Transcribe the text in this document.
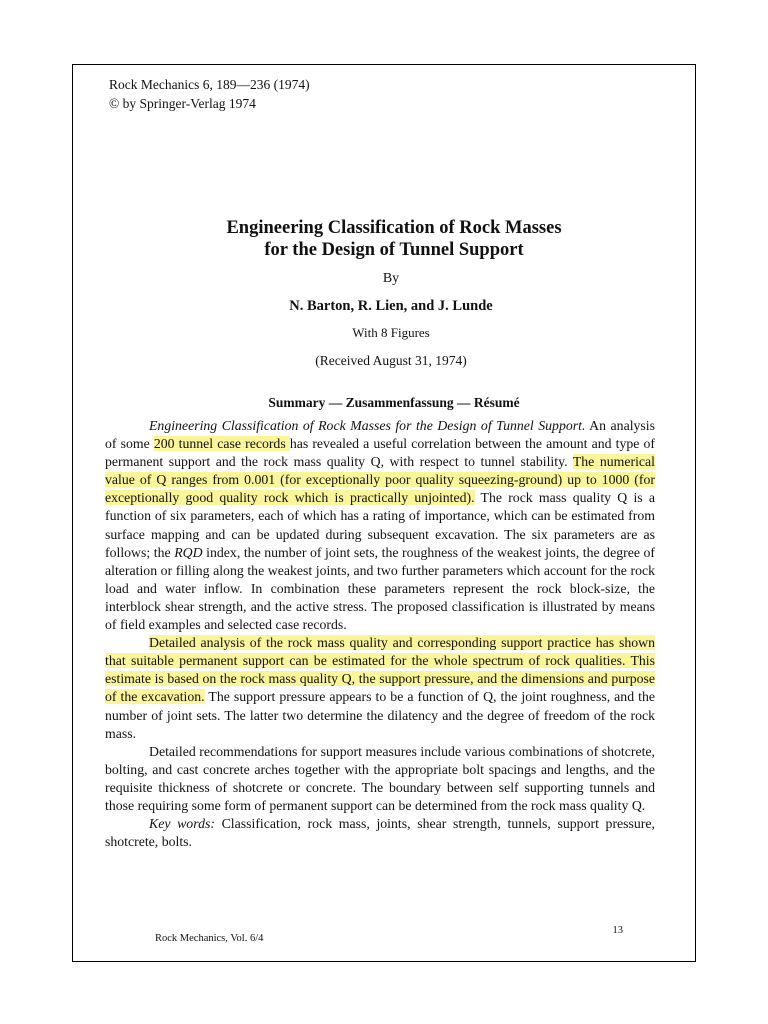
Rock Mechanics 6, 189—236 (1974)
© by Springer-Verlag 1974
Engineering Classification of Rock Masses
for the Design of Tunnel Support
By
N. Barton, R. Lien, and J. Lunde
With 8 Figures
(Received August 31, 1974)
Summary — Zusammenfassung — Résumé

Engineering Classification of Rock Masses for the Design of Tunnel Support. An analysis of some 200 tunnel case records has revealed a useful correlation between the amount and type of permanent support and the rock mass quality Q, with respect to tunnel stability. The numerical value of Q ranges from 0.001 (for exceptionally poor quality squeezing-ground) up to 1000 (for exceptionally good quality rock which is practically unjointed). The rock mass quality Q is a function of six parameters, each of which has a rating of importance, which can be estimated from surface mapping and can be updated during subsequent excavation. The six parameters are as follows; the RQD index, the number of joint sets, the roughness of the weakest joints, the degree of alteration or filling along the weakest joints, and two further parameters which account for the rock load and water inflow. In combination these parameters represent the rock block-size, the interblock shear strength, and the active stress. The proposed classification is illustrated by means of field examples and selected case records.

Detailed analysis of the rock mass quality and corresponding support practice has shown that suitable permanent support can be estimated for the whole spectrum of rock qualities. This estimate is based on the rock mass quality Q, the support pressure, and the dimensions and purpose of the excavation. The support pressure appears to be a function of Q, the joint roughness, and the number of joint sets. The latter two determine the dilatency and the degree of freedom of the rock mass.

Detailed recommendations for support measures include various combinations of shotcrete, bolting, and cast concrete arches together with the appropriate bolt spacings and lengths, and the requisite thickness of shotcrete or concrete. The boundary between self supporting tunnels and those requiring some form of permanent support can be determined from the rock mass quality Q.

Key words: Classification, rock mass, joints, shear strength, tunnels, support pressure, shotcrete, bolts.

Rock Mechanics, Vol. 6/4
13
